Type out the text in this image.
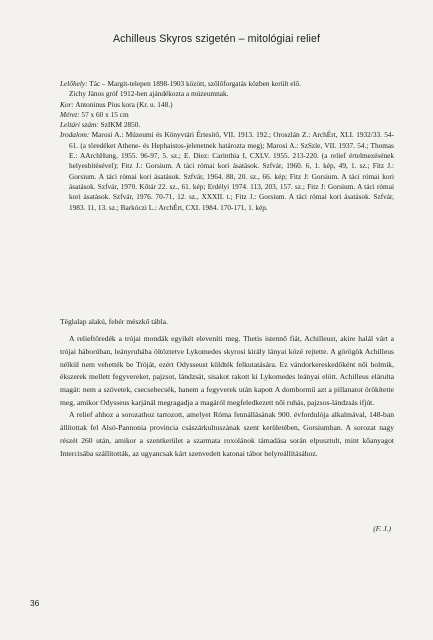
Achilleus Skyros szigetén – mitológiai relief

Lelőhely: Tác – Margit-telepen 1898-1903 között, szőlőforgatás közben került elő.

Zichy János gróf 1912-ben ajándékozta a múzeumnak.

Kor: Antoninus Pius kora (Kr. u. 148.)

Méret: 57 x 60 x 15 cm

Leltári szám: SzIKM 2850.

Irodalom: Marosi A.: Múzeumi és Könyvtári Értesítő, VII. 1913. 192.; Oroszlán Z.: ArchÉrt, XLI. 1932/33. 54-61. (a töredéket Athene- és Hephaistos-jelenetnek határozta meg); Marosi A.: SzSzle, VII. 1937. 54.; Thomas E.: AArchHung, 1955. 96-97, 5. sz.; E. Diez: Carinthia I, CXLV. 1955. 213-220. (a relief értelmezésének helyesbítésével); Fitz J.: Gorsium. A táci római kori ásatások. Szfvár, 1960. 6, 1. kép, 49, 1. sz.; Fitz J.: Gorsium. A táci római kori ásatások. Szfvár, 1964. 88, 20. sz., 66. kép; Fitz J: Gorsium. A táci római kori ásatások. Szfvár, 1970. Kőtár 22. sz., 61. kép; Erdélyi 1974. 113, 203, 157. sz.; Fitz J: Gorsium. A táci római kori ásatások. Szfvár, 1976. 70-71, 12. sz., XXXII. t.; Fitz J.: Gorsium. A táci római kori ásatások. Szfvár, 1983. 11, 13. sz.; Barkóczi L.: ArchÉrt, CXI. 1984. 170-171, 1. kép.

Téglalap alakú, fehér mészkő tábla.

A relieftöredék a trójai mondák egyikét eleveníti meg. Thetis istennő fiát, Achilleust, akire halál várt a trójai háborúban, leányruhába öltöztetve Lykomedes skyrosi király lányai közé rejtette. A görögök Achilleus nélkül nem vehették be Tróját, ezért Odysseust küldték felkutatására. Ez vándorkereskedőként női holmik, ékszerek mellett fegyvereket, pajzsot, lándzsát, sisakot rakott ki Lykomedes leányai elött. Achilleus elárulta magát: nem a szövetek, csecsebecsék, hanem a fegyverek után kapott A dombormű azt a pillanatot örökítette meg, amikor Odysseus karjánál megragadja a magáról megfeledkezett női ruhás, pajzsos-lándzsás ifjút.

A relief ahhoz a sorozathoz tartozott, amelyet Róma fennállásának 900. évfordulója alkalmával, 148-ban állítottak fel Alsó-Pannonia provincia császárkultuszának szent kerületében, Gorsiumban. A sorozat nagy részét 260 után, amikor a szentkerület a szarmata roxolánok támadása során elpusztult, mint kőanyagot Intercisába szállították, az ugyancsak kárt szenvedett katonai tábor helyreállításához.

(F. J.)
36
